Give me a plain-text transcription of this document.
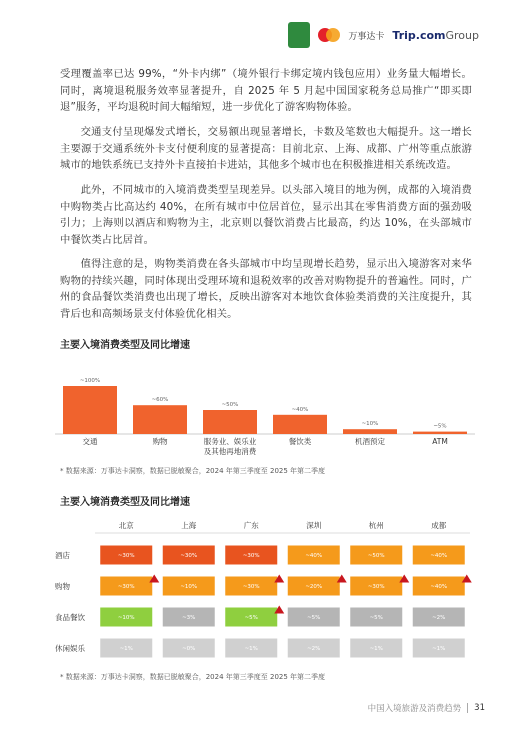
万事达卡 Trip.comGroup

受理覆盖率已达 99%，“外卡内绑”（境外银行卡绑定境内钱包应用）业务量大幅增长。同时，离境退税服务效率显著提升，自 2025 年 5 月起中国国家税务总局推广“即买即退”服务，平均退税时间大幅缩短，进一步优化了游客购物体验。

交通支付呈现爆发式增长，交易额出现显著增长，卡数及笔数也大幅提升。这一增长主要源于交通系统外卡支付便利度的显著提高：目前北京、上海、成都、广州等重点旅游城市的地铁系统已支持外卡直接拍卡进站，其他多个城市也在积极推进相关系统改造。

此外，不同城市的入境消费类型呈现差异。以头部入境目的地为例，成都的入境消费中购物类占比高达约 40%，在所有城市中位居首位，显示出其在零售消费方面的强劲吸引力；上海则以酒店和购物为主，北京则以餐饮消费占比最高，约达 10%，在头部城市中餐饮类占比居首。

值得注意的是，购物类消费在各头部城市中均呈现增长趋势，显示出入境游客对来华购物的持续兴趣，同时体现出受理环境和退税效率的改善对购物提升的普遍性。同时，广州的食品餐饮类消费也出现了增长，反映出游客对本地饮食体验类消费的关注度提升，其背后也和高频场景支付体验优化相关。

主要入境消费类型及同比增速
~100%
交通
~60%
购物
~50%
服务业、娱乐业
及其他再地消费
~40%
餐饮类
~10%
机酒预定
~5%
ATM
* 数据来源：万事达卡洞察，数据已脱敏聚合，2024 年第三季度至 2025 年第二季度
主要入境消费类型及同比增速
北京	上海	广东	深圳	杭州	成都
酒店	~30%	~30%	~30%	~40%	~50%	~40%
购物	~30%	~10%	~30%	~20%	~30%	~40%
食品餐饮	~10%	~3%	~5%	~5%	~5%	~2%
休闲娱乐	~1%	~0%	~1%	~2%	~1%	~1%
* 数据来源：万事达卡洞察，数据已脱敏聚合，2024 年第三季度至 2025 年第二季度
中国入境旅游及消费趋势 31
